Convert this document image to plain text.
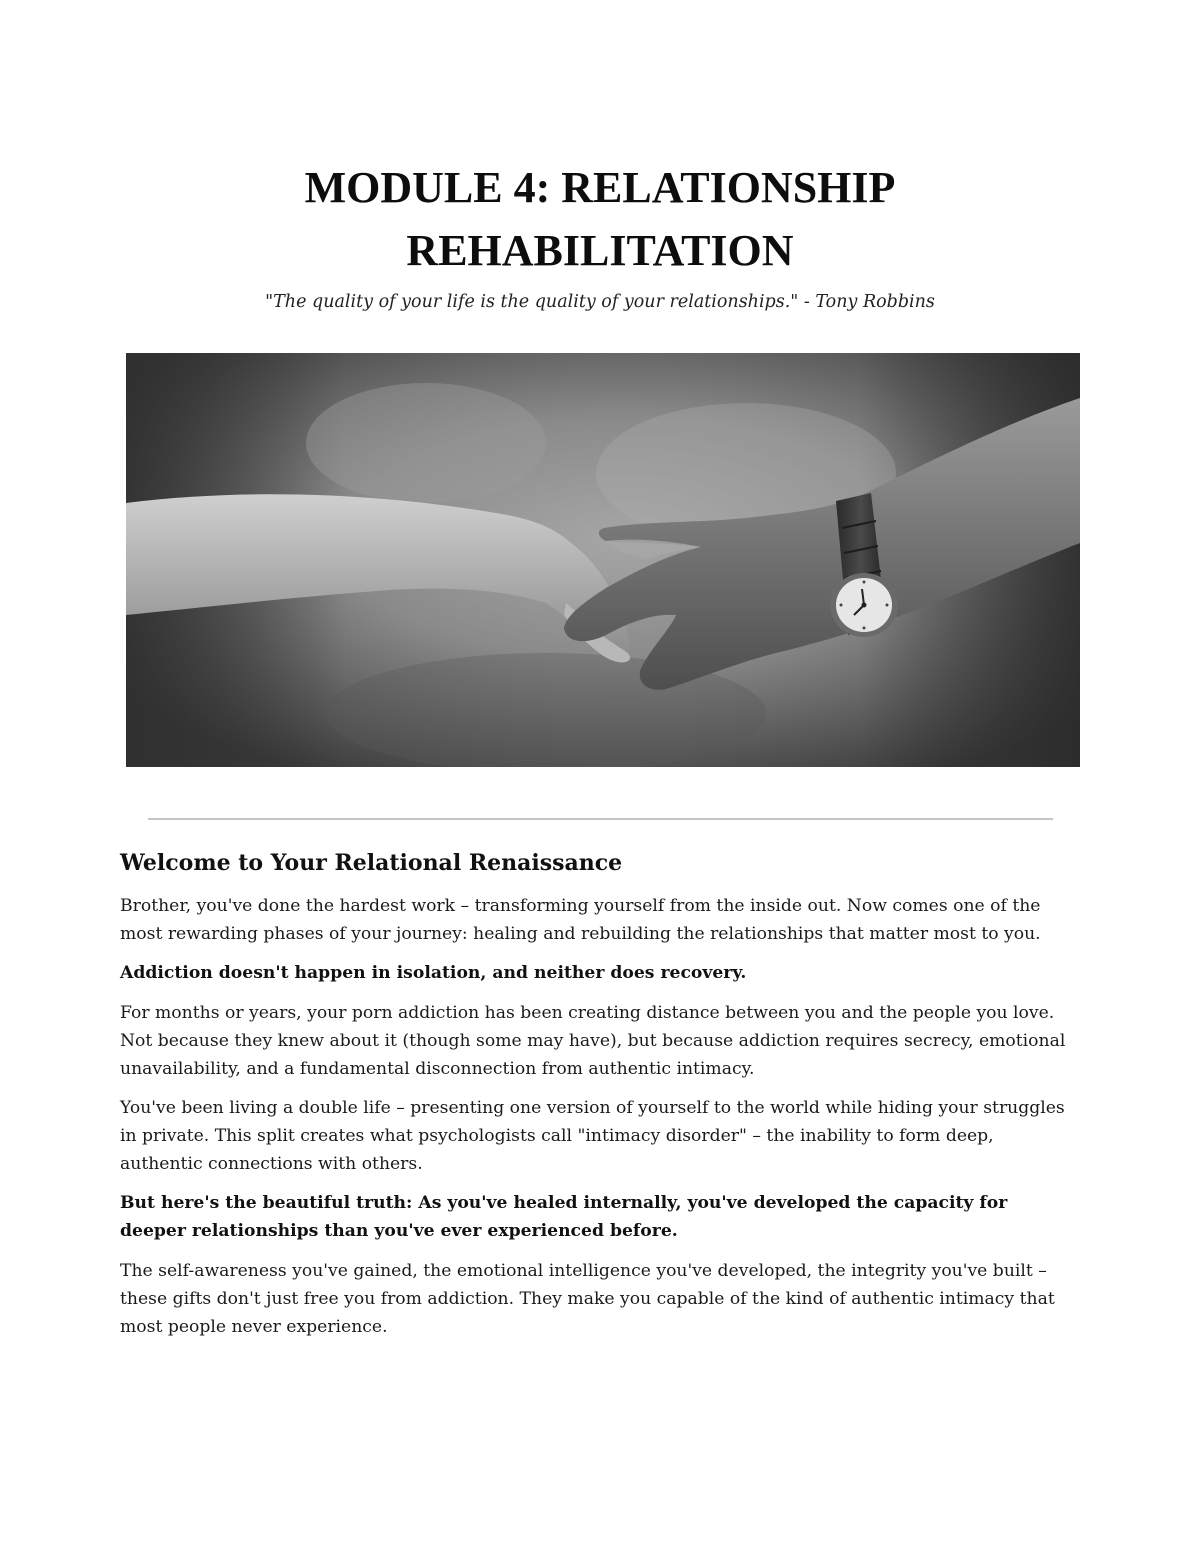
MODULE 4: RELATIONSHIP
REHABILITATION

"The quality of your life is the quality of your relationships." - Tony Robbins

Welcome to Your Relational Renaissance

Brother, you've done the hardest work – transforming yourself from the inside out. Now comes one of the most rewarding phases of your journey: healing and rebuilding the relationships that matter most to you.

Addiction doesn't happen in isolation, and neither does recovery.

For months or years, your porn addiction has been creating distance between you and the people you love. Not because they knew about it (though some may have), but because addiction requires secrecy, emotional unavailability, and a fundamental disconnection from authentic intimacy.

You've been living a double life – presenting one version of yourself to the world while hiding your struggles in private. This split creates what psychologists call "intimacy disorder" – the inability to form deep, authentic connections with others.

But here's the beautiful truth: As you've healed internally, you've developed the capacity for deeper relationships than you've ever experienced before.

The self-awareness you've gained, the emotional intelligence you've developed, the integrity you've built – these gifts don't just free you from addiction. They make you capable of the kind of authentic intimacy that most people never experience.
